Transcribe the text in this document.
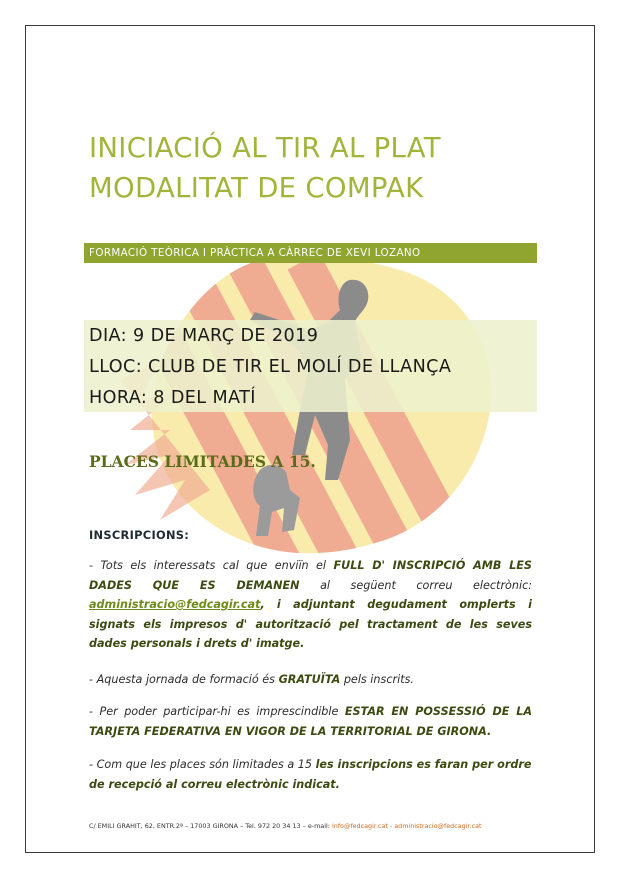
INICIACIÓ AL TIR AL PLAT
MODALITAT DE COMPAK
FORMACIÓ TEÒRICA I PRÀCTICA A CÀRREC DE XEVI LOZANO
DIA: 9 DE MARÇ DE 2019
LLOC: CLUB DE TIR EL MOLÍ DE LLANÇA
HORA: 8 DEL MATÍ
PLACES LIMITADES A 15.
INSCRIPCIONS:
- Tots els interessats cal que enviïn el FULL D' INSCRIPCIÓ AMB LES DADES QUE ES DEMANEN al següent correu electrònic: administracio@fedcagir.cat, i adjuntant degudament omplerts i signats els impresos d' autorització pel tractament de les seves dades personals i drets d' imatge.
- Aquesta jornada de formació és GRATUÏTA pels inscrits.
- Per poder participar-hi es imprescindible ESTAR EN POSSESSIÓ DE LA TARJETA FEDERATIVA EN VIGOR DE LA TERRITORIAL DE GIRONA.
- Com que les places són limitades a 15 les inscripcions es faran per ordre de recepció al correu electrònic indicat.
C/ EMILI GRAHIT, 62, ENTR.2ª – 17003 GIRONA – Tel. 972 20 34 13 – e-mail: info@fedcagir.cat - administracio@fedcagir.cat
